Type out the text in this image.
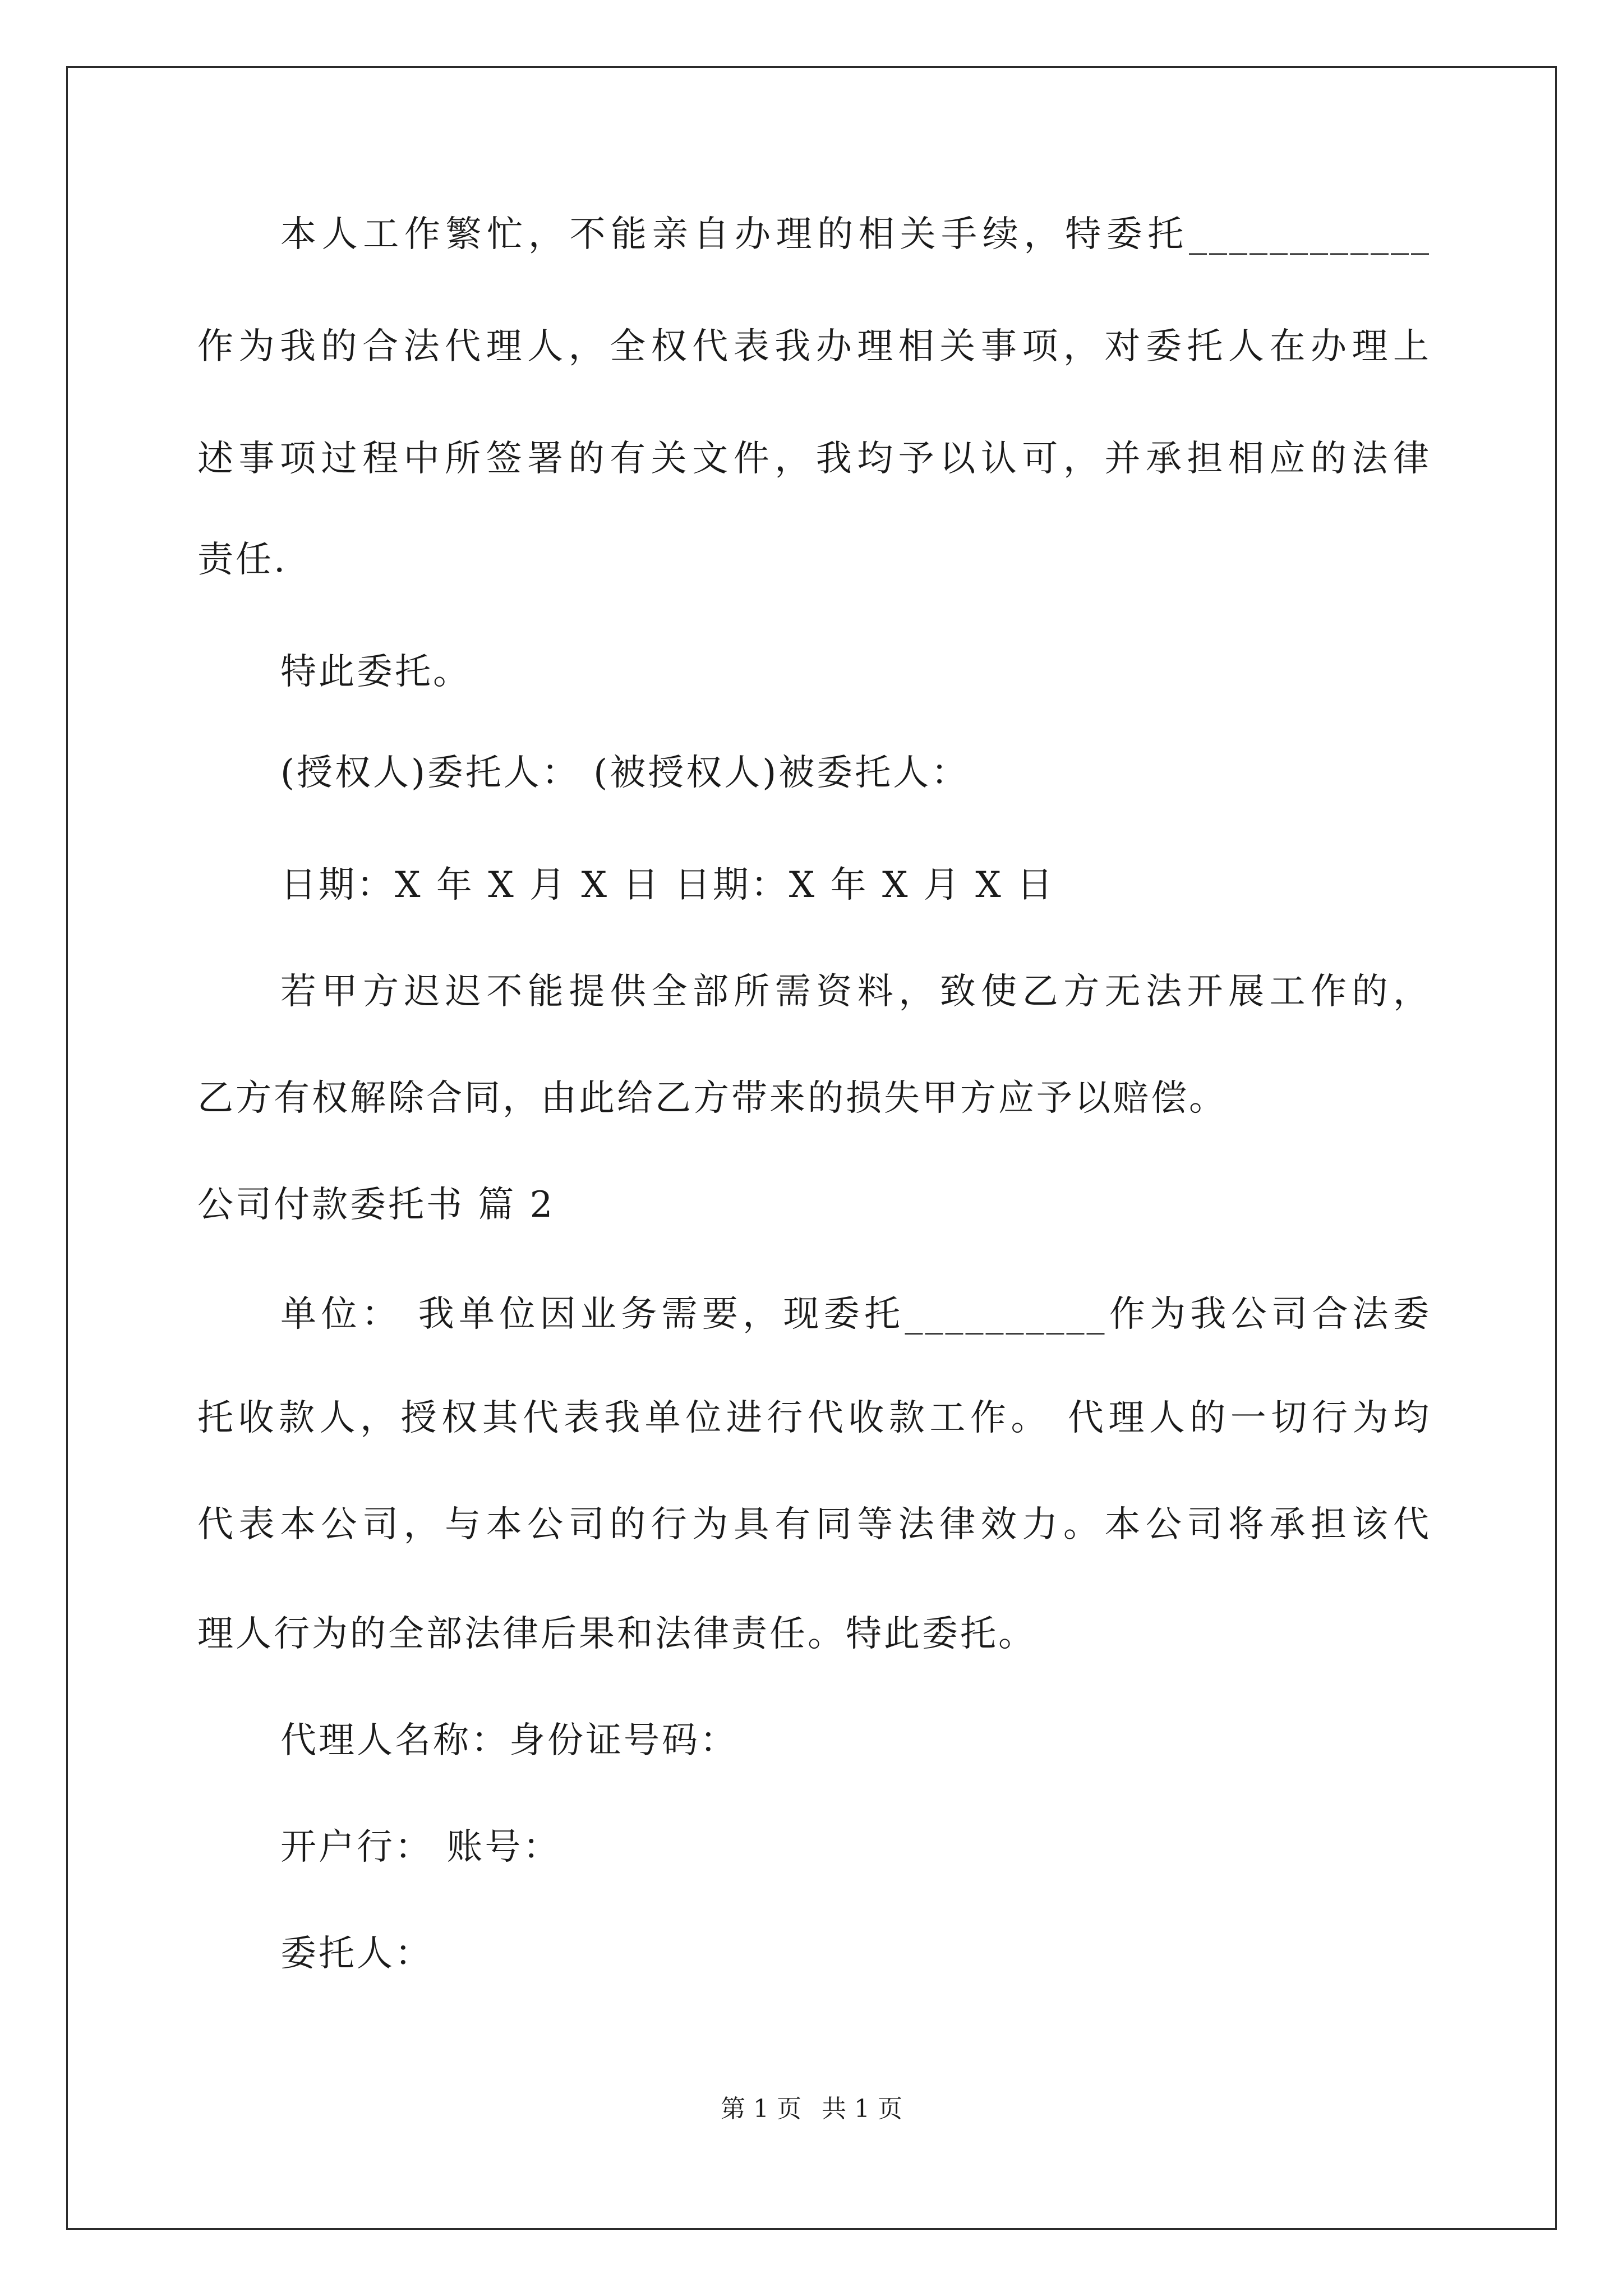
本人工作繁忙，不能亲自办理的相关手续，特委托____________
作为我的合法代理人，全权代表我办理相关事项，对委托人在办理上
述事项过程中所签署的有关文件，我均予以认可，并承担相应的法律
责任.
特此委托。
(授权人)委托人： (被授权人)被委托人：
日期：X 年 X 月 X 日 日期：X 年 X 月 X 日
若甲方迟迟不能提供全部所需资料，致使乙方无法开展工作的，
乙方有权解除合同，由此给乙方带来的损失甲方应予以赔偿。
公司付款委托书 篇 2
单位： 我单位因业务需要，现委托__________作为我公司合法委
托收款人，授权其代表我单位进行代收款工作。 代理人的一切行为均
代表本公司，与本公司的行为具有同等法律效力。本公司将承担该代
理人行为的全部法律后果和法律责任。特此委托。
代理人名称：身份证号码：
开户行： 账号：
委托人：
第 1 页 共 1 页
